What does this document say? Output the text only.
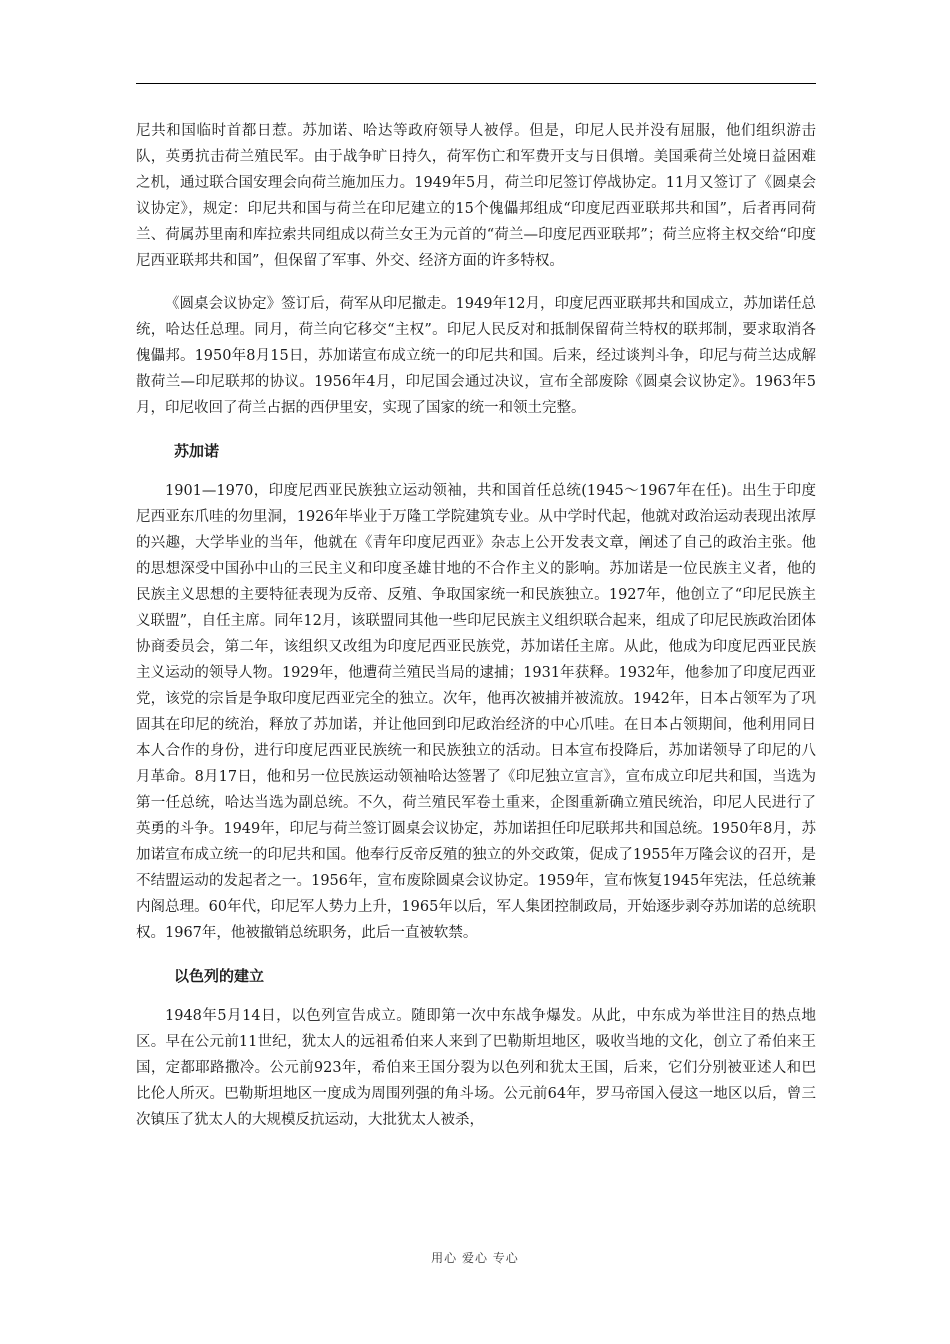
尼共和国临时首都日惹。苏加诺、哈达等政府领导人被俘。但是，印尼人民并没有屈服，他们组织游击队，英勇抗击荷兰殖民军。由于战争旷日持久，荷军伤亡和军费开支与日俱增。美国乘荷兰处境日益困难之机，通过联合国安理会向荷兰施加压力。1949年5月，荷兰印尼签订停战协定。11月又签订了《圆桌会议协定》，规定：印尼共和国与荷兰在印尼建立的15个傀儡邦组成“印度尼西亚联邦共和国”，后者再同荷兰、荷属苏里南和库拉索共同组成以荷兰女王为元首的“荷兰—印度尼西亚联邦”；荷兰应将主权交给“印度尼西亚联邦共和国”，但保留了军事、外交、经济方面的许多特权。

《圆桌会议协定》签订后，荷军从印尼撤走。1949年12月，印度尼西亚联邦共和国成立，苏加诺任总统，哈达任总理。同月，荷兰向它移交“主权”。印尼人民反对和抵制保留荷兰特权的联邦制，要求取消各傀儡邦。1950年8月15日，苏加诺宣布成立统一的印尼共和国。后来，经过谈判斗争，印尼与荷兰达成解散荷兰—印尼联邦的协议。1956年4月，印尼国会通过决议，宣布全部废除《圆桌会议协定》。1963年5月，印尼收回了荷兰占据的西伊里安，实现了国家的统一和领土完整。

苏加诺

1901—1970，印度尼西亚民族独立运动领袖，共和国首任总统(1945～1967年在任)。出生于印度尼西亚东爪哇的勿里洞，1926年毕业于万隆工学院建筑专业。从中学时代起，他就对政治运动表现出浓厚的兴趣，大学毕业的当年，他就在《青年印度尼西亚》杂志上公开发表文章，阐述了自己的政治主张。他的思想深受中国孙中山的三民主义和印度圣雄甘地的不合作主义的影响。苏加诺是一位民族主义者，他的民族主义思想的主要特征表现为反帝、反殖、争取国家统一和民族独立。1927年，他创立了“印尼民族主义联盟”，自任主席。同年12月，该联盟同其他一些印尼民族主义组织联合起来，组成了印尼民族政治团体协商委员会，第二年，该组织又改组为印度尼西亚民族党，苏加诺任主席。从此，他成为印度尼西亚民族主义运动的领导人物。1929年，他遭荷兰殖民当局的逮捕；1931年获释。1932年，他参加了印度尼西亚党，该党的宗旨是争取印度尼西亚完全的独立。次年，他再次被捕并被流放。1942年，日本占领军为了巩固其在印尼的统治，释放了苏加诺，并让他回到印尼政治经济的中心爪哇。在日本占领期间，他利用同日本人合作的身份，进行印度尼西亚民族统一和民族独立的活动。日本宣布投降后，苏加诺领导了印尼的八月革命。8月17日，他和另一位民族运动领袖哈达签署了《印尼独立宣言》，宣布成立印尼共和国，当选为第一任总统，哈达当选为副总统。不久，荷兰殖民军卷土重来，企图重新确立殖民统治，印尼人民进行了英勇的斗争。1949年，印尼与荷兰签订圆桌会议协定，苏加诺担任印尼联邦共和国总统。1950年8月，苏加诺宣布成立统一的印尼共和国。他奉行反帝反殖的独立的外交政策，促成了1955年万隆会议的召开，是不结盟运动的发起者之一。1956年，宣布废除圆桌会议协定。1959年，宣布恢复1945年宪法，任总统兼内阁总理。60年代，印尼军人势力上升，1965年以后，军人集团控制政局，开始逐步剥夺苏加诺的总统职权。1967年，他被撤销总统职务，此后一直被软禁。

以色列的建立

1948年5月14日，以色列宣告成立。随即第一次中东战争爆发。从此，中东成为举世注目的热点地区。早在公元前11世纪，犹太人的远祖希伯来人来到了巴勒斯坦地区，吸收当地的文化，创立了希伯来王国，定都耶路撒冷。公元前923年，希伯来王国分裂为以色列和犹太王国，后来，它们分别被亚述人和巴比伦人所灭。巴勒斯坦地区一度成为周围列强的角斗场。公元前64年，罗马帝国入侵这一地区以后，曾三次镇压了犹太人的大规模反抗运动，大批犹太人被杀，

用心 爱心 专心
